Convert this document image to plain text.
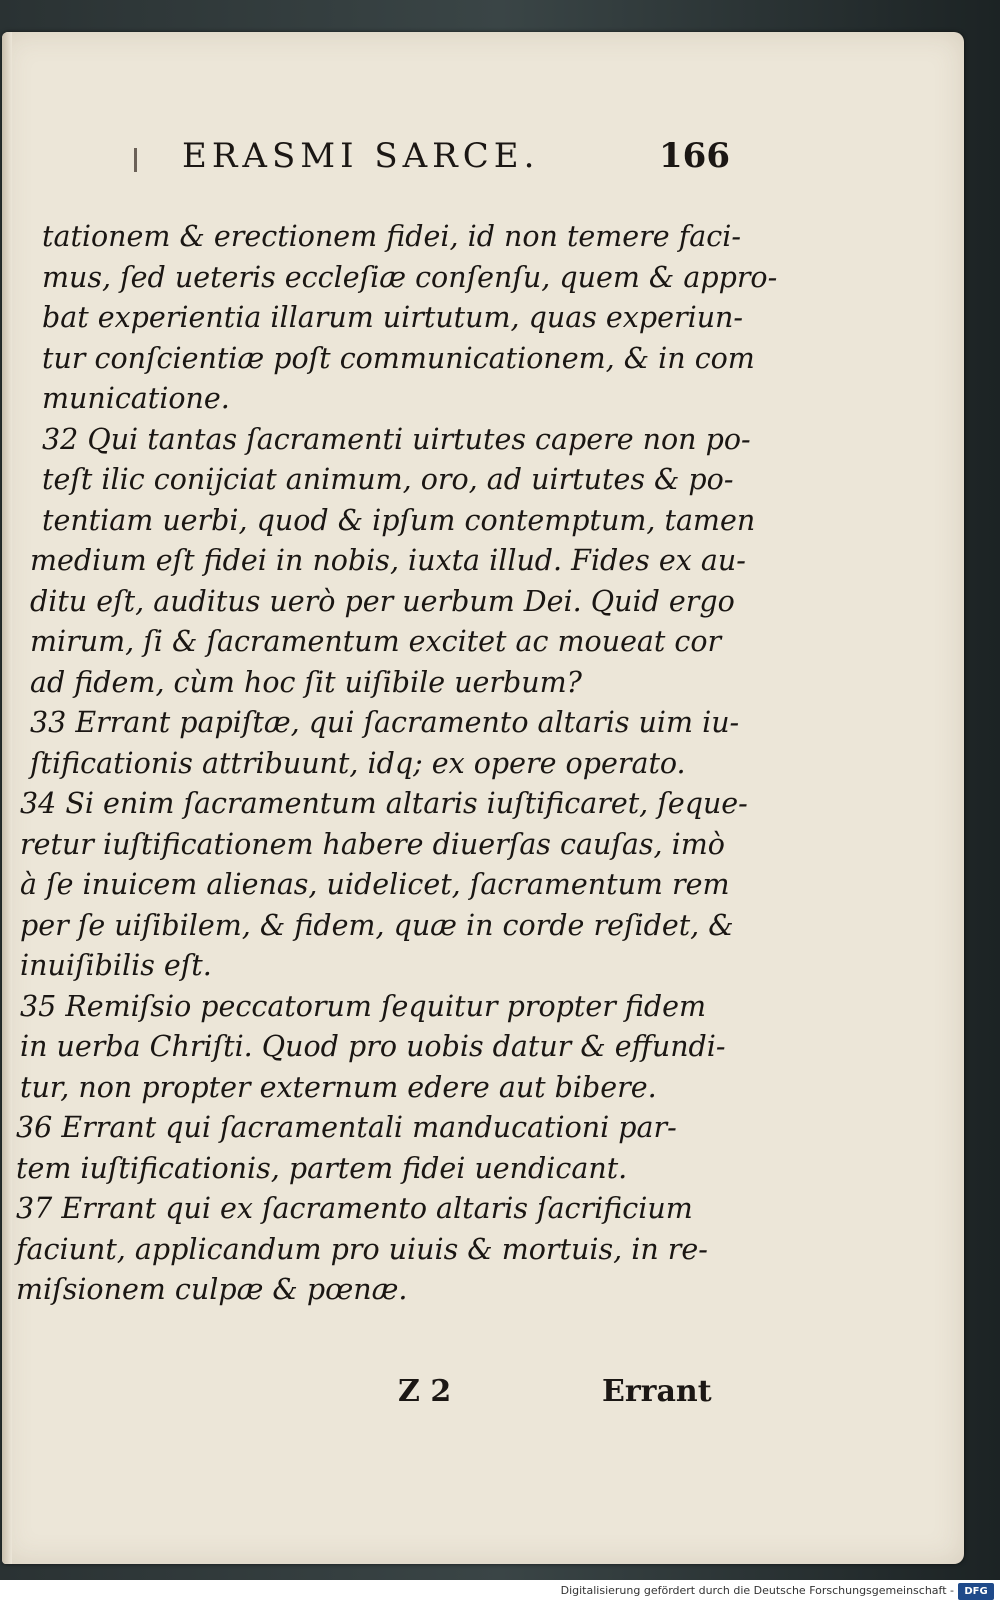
ERASMI SARCE.	166
tationem & erectionem fidei, id non temere faci-
mus, ſed ueteris eccleſiæ conſenſu, quem & appro-
bat experientia illarum uirtutum, quas experiun-
tur conſcientiæ poſt communicationem, & in com
municatione.
32 Qui tantas ſacramenti uirtutes capere non po-
teſt ilic conijciat animum, oro, ad uirtutes & po-
tentiam uerbi, quod & ipſum contemptum, tamen
medium eſt fidei in nobis, iuxta illud. Fides ex au-
ditu eſt, auditus uerò per uerbum Dei. Quid ergo
mirum, ſi & ſacramentum excitet ac moueat cor
ad fidem, cùm hoc ſit uiſibile uerbum?
33 Errant papiſtæ, qui ſacramento altaris uim iu-
ſtificationis attribuunt, idq; ex opere operato.
34 Si enim ſacramentum altaris iuſtificaret, ſeque-
retur iuſtificationem habere diuerſas cauſas, imò
à ſe inuicem alienas, uidelicet, ſacramentum rem
per ſe uiſibilem, & fidem, quæ in corde reſidet, &
inuiſibilis eſt.
35 Remiſsio peccatorum ſequitur propter fidem
in uerba Chriſti. Quod pro uobis datur & effundi-
tur, non propter externum edere aut bibere.
36 Errant qui ſacramentali manducationi par-
tem iuſtificationis, partem fidei uendicant.
37 Errant qui ex ſacramento altaris ſacrificium
faciunt, applicandum pro uiuis & mortuis, in re-
miſsionem culpæ & pœnæ.
Z 2	Errant
Digitalisierung gefördert durch die Deutsche Forschungsgemeinschaft -	DFG
